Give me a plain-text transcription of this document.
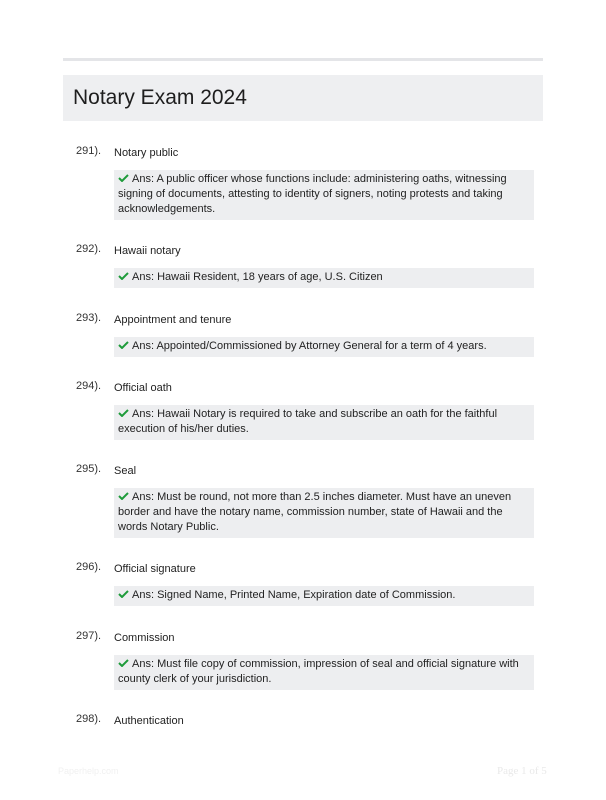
Notary Exam 2024
291). Notary public
Ans: A public officer whose functions include: administering oaths, witnessing signing of documents, attesting to identity of signers, noting protests and taking acknowledgements.
292). Hawaii notary
Ans: Hawaii Resident, 18 years of age, U.S. Citizen
293). Appointment and tenure
Ans: Appointed/Commissioned by Attorney General for a term of 4 years.
294). Official oath
Ans: Hawaii Notary is required to take and subscribe an oath for the faithful execution of his/her duties.
295). Seal
Ans: Must be round, not more than 2.5 inches diameter. Must have an uneven border and have the notary name, commission number, state of Hawaii and the words Notary Public.
296). Official signature
Ans: Signed Name, Printed Name, Expiration date of Commission.
297). Commission
Ans: Must file copy of commission, impression of seal and official signature with county clerk of your jurisdiction.
298). Authentication
Paperhelp.com	Page 1 of 5
